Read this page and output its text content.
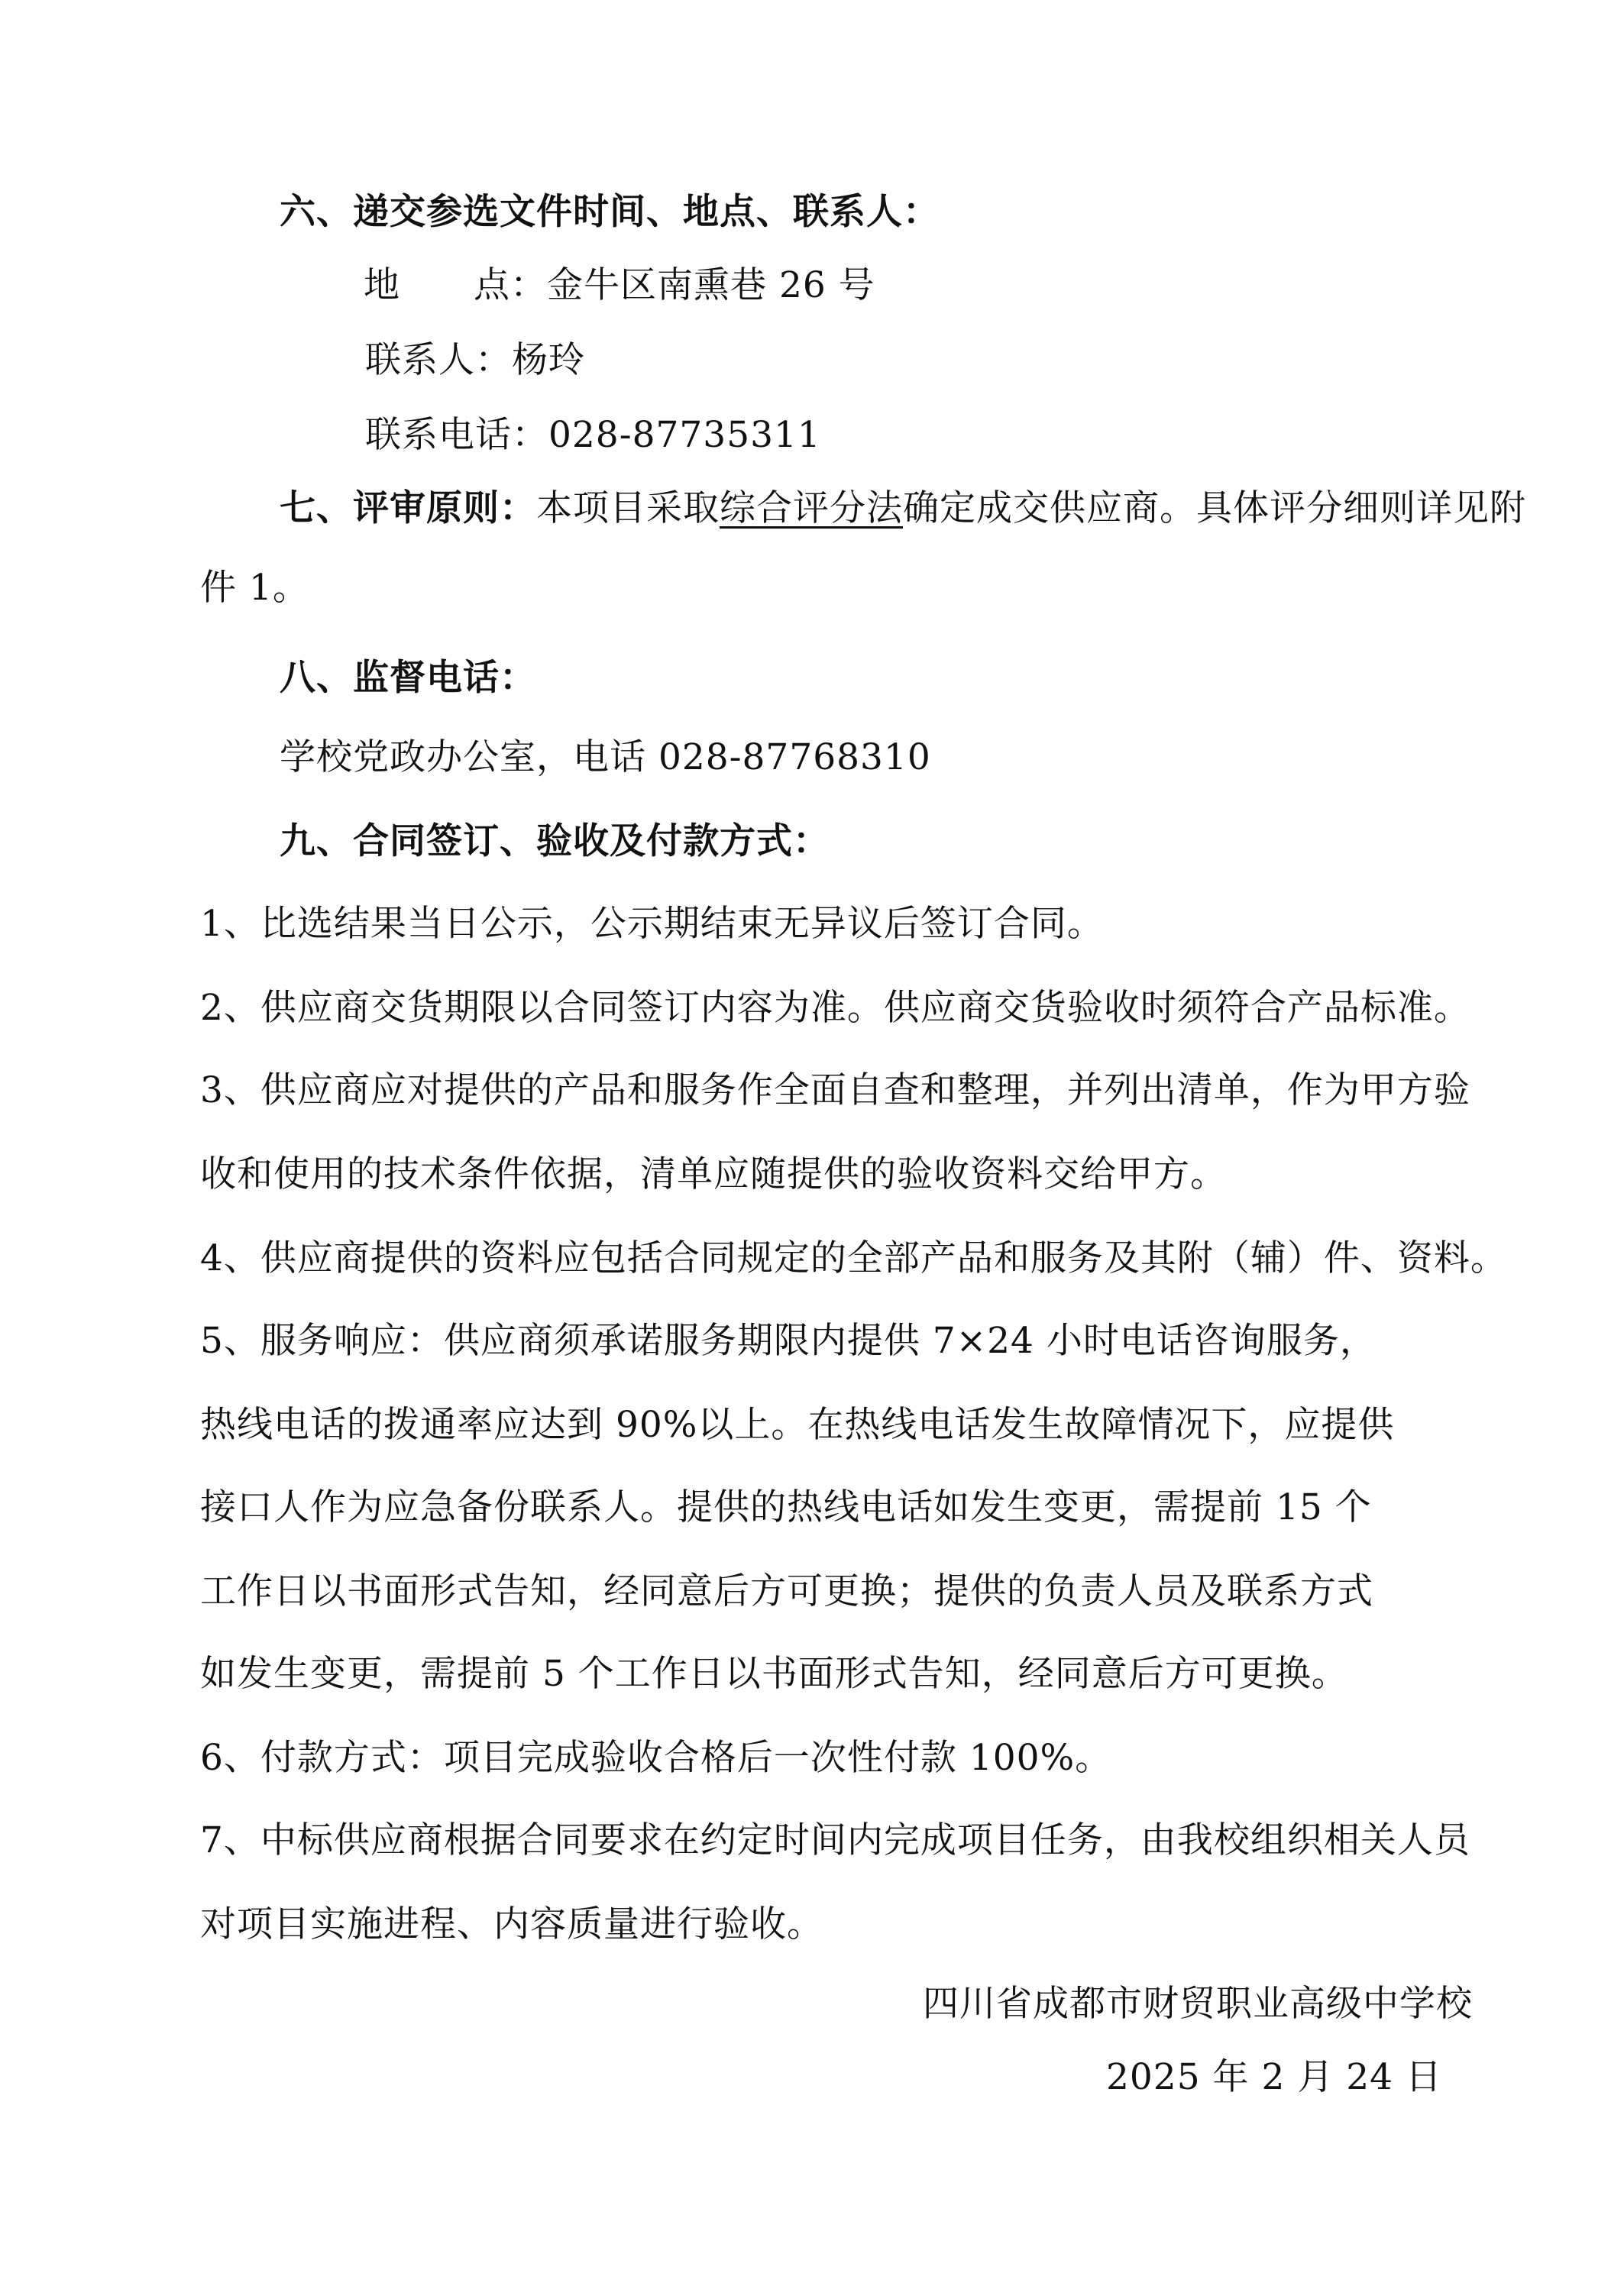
六、递交参选文件时间、地点、联系人：
地　　点：金牛区南熏巷 26 号
联系人：杨玲
联系电话：028-87735311
七、评审原则：本项目采取综合评分法确定成交供应商。具体评分细则详见附
件 1。
八、监督电话：
学校党政办公室，电话 028-87768310
九、合同签订、验收及付款方式：
1、比选结果当日公示，公示期结束无异议后签订合同。
2、供应商交货期限以合同签订内容为准。供应商交货验收时须符合产品标准。
3、供应商应对提供的产品和服务作全面自查和整理，并列出清单，作为甲方验
收和使用的技术条件依据，清单应随提供的验收资料交给甲方。
4、供应商提供的资料应包括合同规定的全部产品和服务及其附（辅）件、资料。
5、服务响应：供应商须承诺服务期限内提供 7×24 小时电话咨询服务，
热线电话的拨通率应达到 90%以上。在热线电话发生故障情况下，应提供
接口人作为应急备份联系人。提供的热线电话如发生变更，需提前 15 个
工作日以书面形式告知，经同意后方可更换；提供的负责人员及联系方式
如发生变更，需提前 5 个工作日以书面形式告知，经同意后方可更换。
6、付款方式：项目完成验收合格后一次性付款 100%。
7、中标供应商根据合同要求在约定时间内完成项目任务，由我校组织相关人员
对项目实施进程、内容质量进行验收。
四川省成都市财贸职业高级中学校
2025 年 2 月 24 日
